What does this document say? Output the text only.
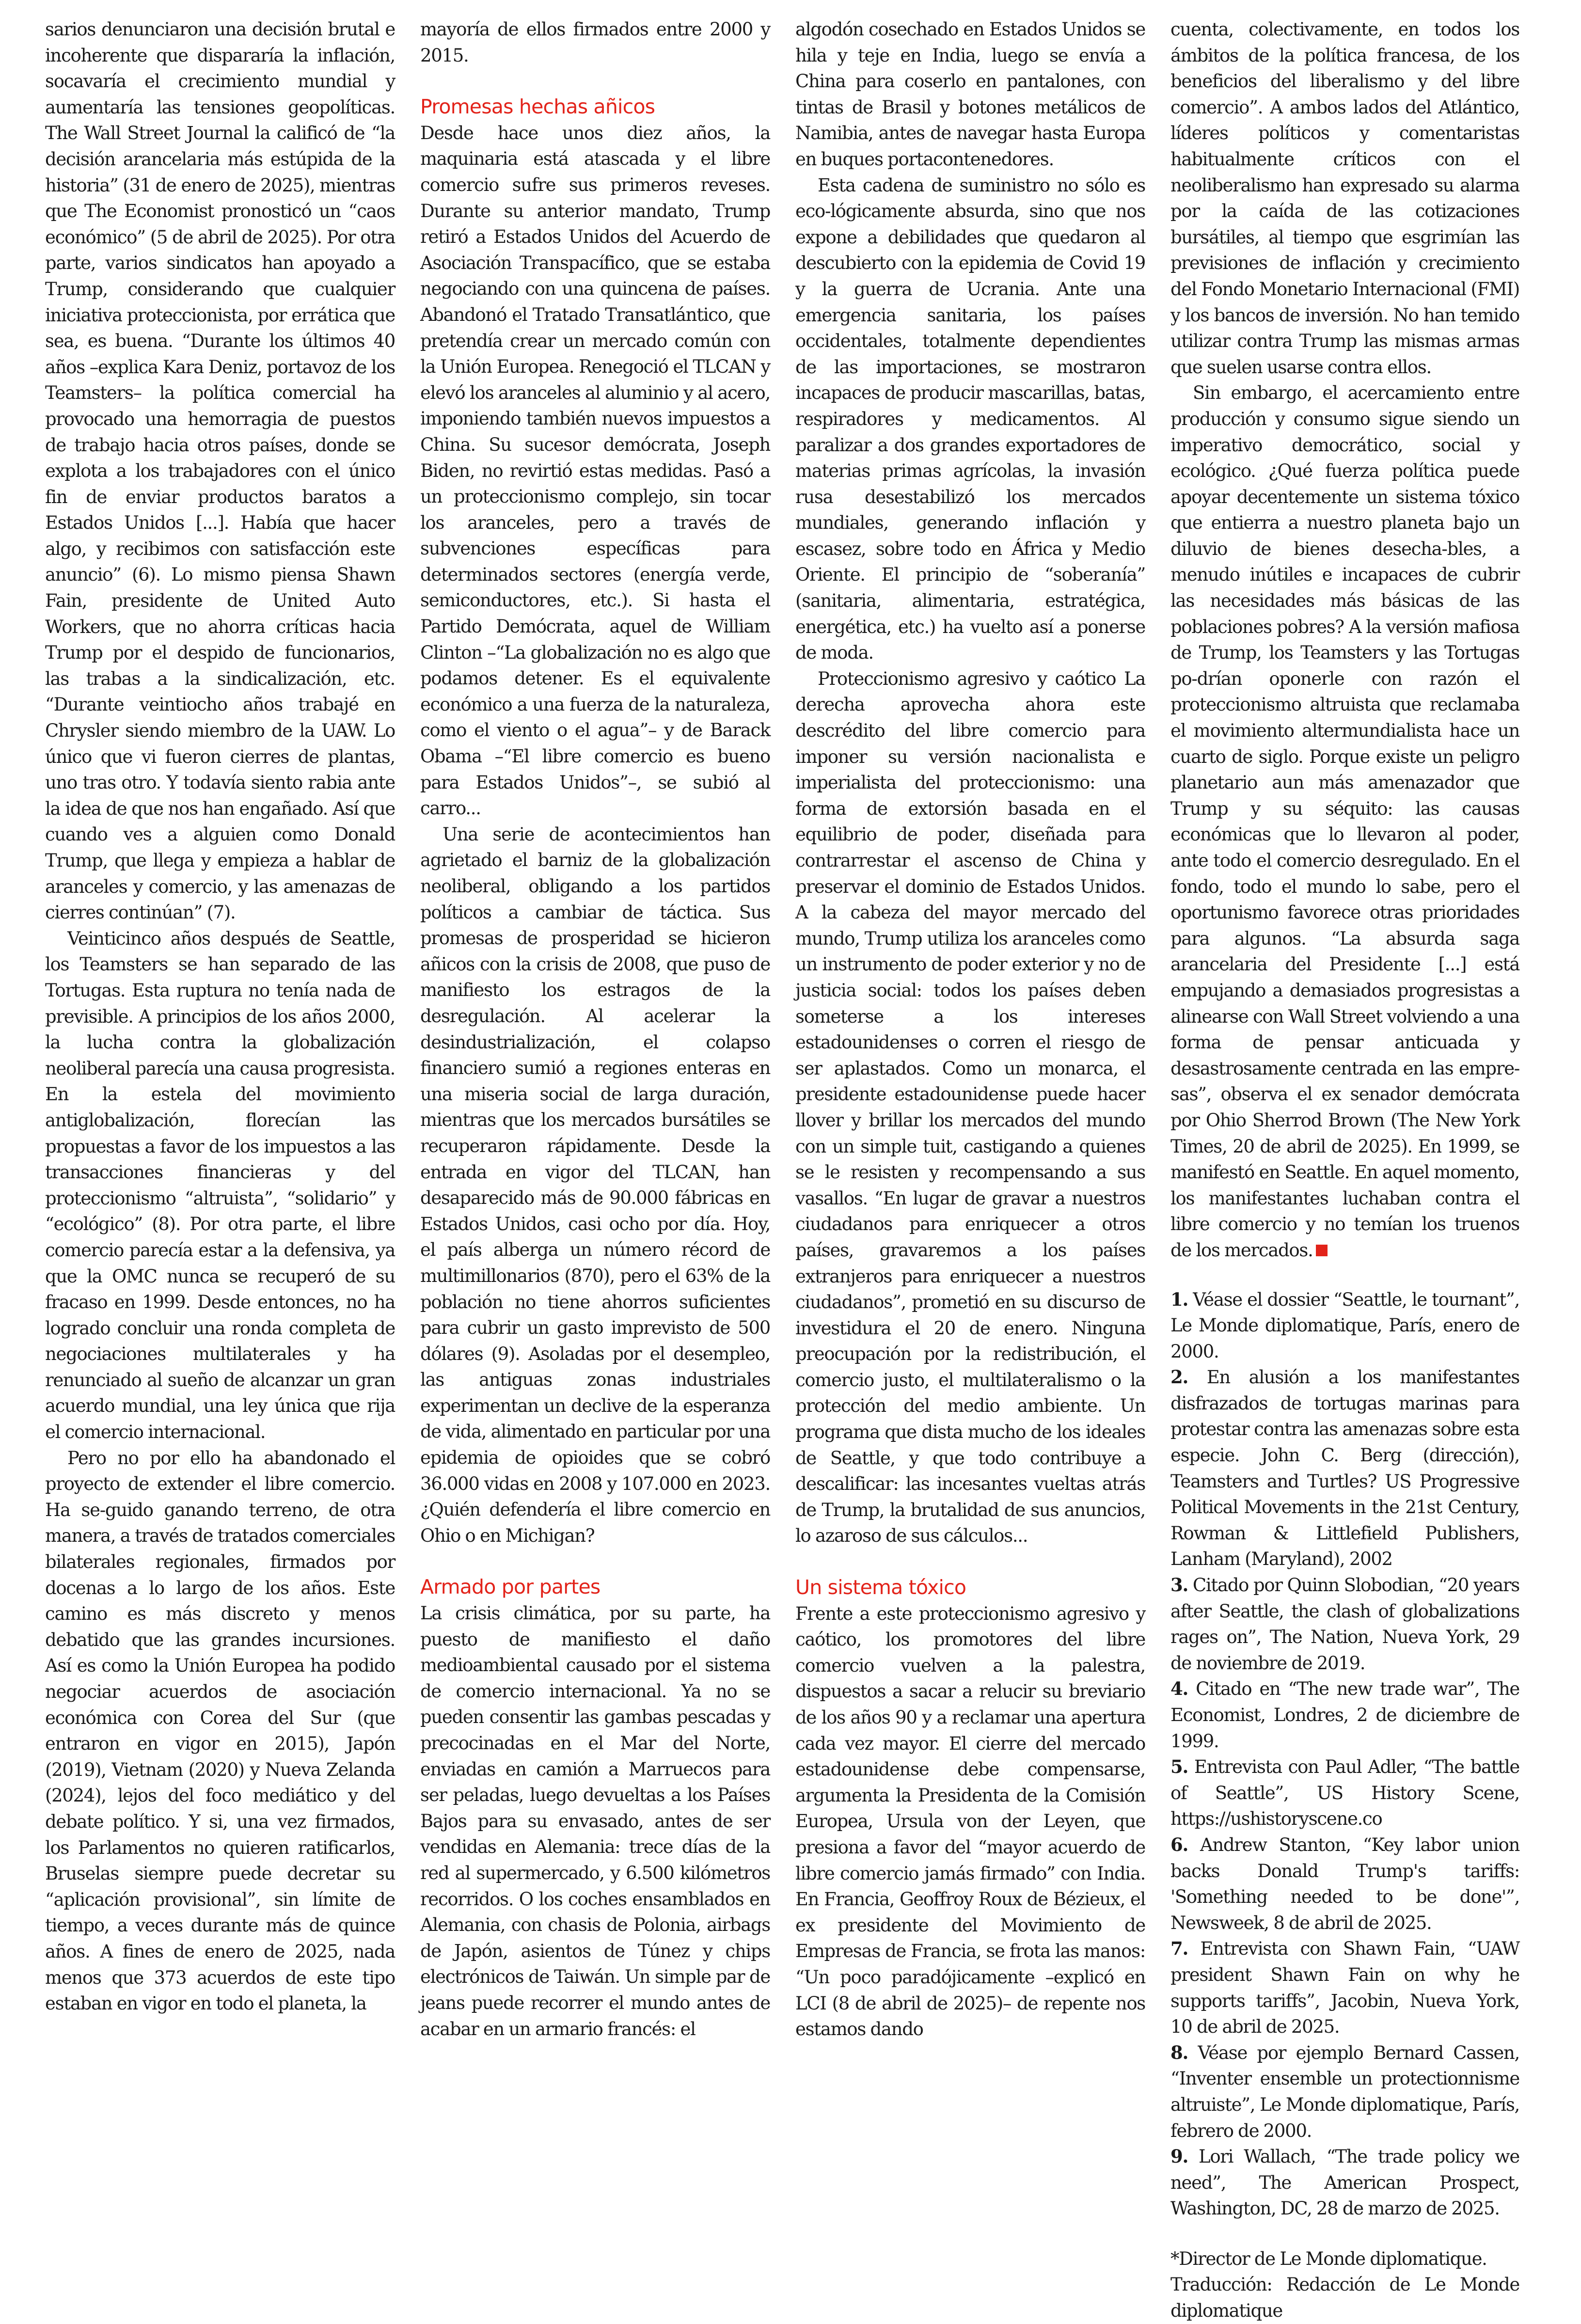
sarios denunciaron una decisión brutal e incoherente que dispararía la inflación, socavaría el crecimiento mundial y aumentaría las tensiones geopolíticas. The Wall Street Journal la calificó de “la decisión arancelaria más estúpida de la historia” (31 de enero de 2025), mientras que The Economist pronosticó un “caos económico” (5 de abril de 2025). Por otra parte, varios sindicatos han apoyado a Trump, considerando que cualquier iniciativa proteccionista, por errática que sea, es buena. “Durante los últimos 40 años –explica Kara Deniz, portavoz de los Teamsters– la política comercial ha provocado una hemorragia de puestos de trabajo hacia otros países, donde se explota a los trabajadores con el único fin de enviar productos baratos a Estados Unidos [...]. Había que hacer algo, y recibimos con satisfacción este anuncio” (6). Lo mismo piensa Shawn Fain, presidente de United Auto Workers, que no ahorra críticas hacia Trump por el despido de funcionarios, las trabas a la sindicalización, etc. “Durante veintiocho años trabajé en Chrysler siendo miembro de la UAW. Lo único que vi fueron cierres de plantas, uno tras otro. Y todavía siento rabia ante la idea de que nos han engañado. Así que cuando ves a alguien como Donald Trump, que llega y empieza a hablar de aranceles y comercio, y las amenazas de cierres continúan” (7).

Veinticinco años después de Seattle, los Teamsters se han separado de las Tortugas. Esta ruptura no tenía nada de previsible. A principios de los años 2000, la lucha contra la globalización neoliberal parecía una causa progresista. En la estela del movimiento antiglobalización, florecían las propuestas a favor de los impuestos a las transacciones financieras y del proteccionismo “altruista”, “solidario” y “ecológico” (8). Por otra parte, el libre comercio parecía estar a la defensiva, ya que la OMC nunca se recuperó de su fracaso en 1999. Desde entonces, no ha logrado concluir una ronda completa de negociaciones multilaterales y ha renunciado al sueño de alcanzar un gran acuerdo mundial, una ley única que rija el comercio internacional.

Pero no por ello ha abandonado el proyecto de extender el libre comercio. Ha se-guido ganando terreno, de otra manera, a través de tratados comerciales bilaterales regionales, firmados por docenas a lo largo de los años. Este camino es más discreto y menos debatido que las grandes incursiones. Así es como la Unión Europea ha podido negociar acuerdos de asociación económica con Corea del Sur (que entraron en vigor en 2015), Japón (2019), Vietnam (2020) y Nueva Zelanda (2024), lejos del foco mediático y del debate político. Y si, una vez firmados, los Parlamentos no quieren ratificarlos, Bruselas siempre puede decretar su “aplicación provisional”, sin límite de tiempo, a veces durante más de quince años. A fines de enero de 2025, nada menos que 373 acuerdos de este tipo estaban en vigor en todo el planeta, la

mayoría de ellos firmados entre 2000 y 2015.

Promesas hechas añicos

Desde hace unos diez años, la maquinaria está atascada y el libre comercio sufre sus primeros reveses. Durante su anterior mandato, Trump retiró a Estados Unidos del Acuerdo de Asociación Transpacífico, que se estaba negociando con una quincena de países. Abandonó el Tratado Transatlántico, que pretendía crear un mercado común con la Unión Europea. Renegoció el TLCAN y elevó los aranceles al aluminio y al acero, imponiendo también nuevos impuestos a China. Su sucesor demócrata, Joseph Biden, no revirtió estas medidas. Pasó a un proteccionismo complejo, sin tocar los aranceles, pero a través de subvenciones específicas para determinados sectores (energía verde, semiconductores, etc.). Si hasta el Partido Demócrata, aquel de William Clinton –“La globalización no es algo que podamos detener. Es el equivalente económico a una fuerza de la naturaleza, como el viento o el agua”– y de Barack Obama –“El libre comercio es bueno para Estados Unidos”–, se subió al carro...

Una serie de acontecimientos han agrietado el barniz de la globalización neoliberal, obligando a los partidos políticos a cambiar de táctica. Sus promesas de prosperidad se hicieron añicos con la crisis de 2008, que puso de manifiesto los estragos de la desregulación. Al acelerar la desindustrialización, el colapso financiero sumió a regiones enteras en una miseria social de larga duración, mientras que los mercados bursátiles se recuperaron rápidamente. Desde la entrada en vigor del TLCAN, han desaparecido más de 90.000 fábricas en Estados Unidos, casi ocho por día. Hoy, el país alberga un número récord de multimillonarios (870), pero el 63% de la población no tiene ahorros suficientes para cubrir un gasto imprevisto de 500 dólares (9). Asoladas por el desempleo, las antiguas zonas industriales experimentan un declive de la esperanza de vida, alimentado en particular por una epidemia de opioides que se cobró 36.000 vidas en 2008 y 107.000 en 2023. ¿Quién defendería el libre comercio en Ohio o en Michigan?

Armado por partes

La crisis climática, por su parte, ha puesto de manifiesto el daño medioambiental causado por el sistema de comercio internacional. Ya no se pueden consentir las gambas pescadas y precocinadas en el Mar del Norte, enviadas en camión a Marruecos para ser peladas, luego devueltas a los Países Bajos para su envasado, antes de ser vendidas en Alemania: trece días de la red al supermercado, y 6.500 kilómetros recorridos. O los coches ensamblados en Alemania, con chasis de Polonia, airbags de Japón, asientos de Túnez y chips electrónicos de Taiwán. Un simple par de jeans puede recorrer el mundo antes de acabar en un armario francés: el

algodón cosechado en Estados Unidos se hila y teje en India, luego se envía a China para coserlo en pantalones, con tintas de Brasil y botones metálicos de Namibia, antes de navegar hasta Europa en buques portacontenedores.

Esta cadena de suministro no sólo es eco-lógicamente absurda, sino que nos expone a debilidades que quedaron al descubierto con la epidemia de Covid 19 y la guerra de Ucrania. Ante una emergencia sanitaria, los países occidentales, totalmente dependientes de las importaciones, se mostraron incapaces de producir mascarillas, batas, respiradores y medicamentos. Al paralizar a dos grandes exportadores de materias primas agrícolas, la invasión rusa desestabilizó los mercados mundiales, generando inflación y escasez, sobre todo en África y Medio Oriente. El principio de “soberanía” (sanitaria, alimentaria, estratégica, energética, etc.) ha vuelto así a ponerse de moda.

Proteccionismo agresivo y caótico La derecha aprovecha ahora este descrédito del libre comercio para imponer su versión nacionalista e imperialista del proteccionismo: una forma de extorsión basada en el equilibrio de poder, diseñada para contrarrestar el ascenso de China y preservar el dominio de Estados Unidos. A la cabeza del mayor mercado del mundo, Trump utiliza los aranceles como un instrumento de poder exterior y no de justicia social: todos los países deben someterse a los intereses estadounidenses o corren el riesgo de ser aplastados. Como un monarca, el presidente estadounidense puede hacer llover y brillar los mercados del mundo con un simple tuit, castigando a quienes se le resisten y recompensando a sus vasallos. “En lugar de gravar a nuestros ciudadanos para enriquecer a otros países, gravaremos a los países extranjeros para enriquecer a nuestros ciudadanos”, prometió en su discurso de investidura el 20 de enero. Ninguna preocupación por la redistribución, el comercio justo, el multilateralismo o la protección del medio ambiente. Un programa que dista mucho de los ideales de Seattle, y que todo contribuye a descalificar: las incesantes vueltas atrás de Trump, la brutalidad de sus anuncios, lo azaroso de sus cálculos...

Un sistema tóxico

Frente a este proteccionismo agresivo y caótico, los promotores del libre comercio vuelven a la palestra, dispuestos a sacar a relucir su breviario de los años 90 y a reclamar una apertura cada vez mayor. El cierre del mercado estadounidense debe compensarse, argumenta la Presidenta de la Comisión Europea, Ursula von der Leyen, que presiona a favor del “mayor acuerdo de libre comercio jamás firmado” con India. En Francia, Geoffroy Roux de Bézieux, el ex presidente del Movimiento de Empresas de Francia, se frota las manos: “Un poco paradójicamente –explicó en LCI (8 de abril de 2025)– de repente nos estamos dando

cuenta, colectivamente, en todos los ámbitos de la política francesa, de los beneficios del liberalismo y del libre comercio”. A ambos lados del Atlántico, líderes políticos y comentaristas habitualmente críticos con el neoliberalismo han expresado su alarma por la caída de las cotizaciones bursátiles, al tiempo que esgrimían las previsiones de inflación y crecimiento del Fondo Monetario Internacional (FMI) y los bancos de inversión. No han temido utilizar contra Trump las mismas armas que suelen usarse contra ellos.

Sin embargo, el acercamiento entre producción y consumo sigue siendo un imperativo democrático, social y ecológico. ¿Qué fuerza política puede apoyar decentemente un sistema tóxico que entierra a nuestro planeta bajo un diluvio de bienes desecha-bles, a menudo inútiles e incapaces de cubrir las necesidades más básicas de las poblaciones pobres? A la versión mafiosa de Trump, los Teamsters y las Tortugas po-drían oponerle con razón el proteccionismo altruista que reclamaba el movimiento altermundialista hace un cuarto de siglo. Porque existe un peligro planetario aun más amenazador que Trump y su séquito: las causas económicas que lo llevaron al poder, ante todo el comercio desregulado. En el fondo, todo el mundo lo sabe, pero el oportunismo favorece otras prioridades para algunos. “La absurda saga arancelaria del Presidente [...] está empujando a demasiados progresistas a alinearse con Wall Street volviendo a una forma de pensar anticuada y desastrosamente centrada en las empre-sas”, observa el ex senador demócrata por Ohio Sherrod Brown (The New York Times, 20 de abril de 2025). En 1999, se manifestó en Seattle. En aquel momento, los manifestantes luchaban contra el libre comercio y no temían los truenos de los mercados.

1. Véase el dossier “Seattle, le tournant”, Le Monde diplomatique, París, enero de 2000.

2. En alusión a los manifestantes disfrazados de tortugas marinas para protestar contra las amenazas sobre esta especie. John C. Berg (dirección), Teamsters and Turtles? US Progressive Political Movements in the 21st Century, Rowman & Littlefield Publishers, Lanham (Maryland), 2002

3. Citado por Quinn Slobodian, “20 years after Seattle, the clash of globalizations rages on”, The Nation, Nueva York, 29 de noviembre de 2019.

4. Citado en “The new trade war”, The Economist, Londres, 2 de diciembre de 1999.

5. Entrevista con Paul Adler, “The battle of Seattle”, US History Scene, https://ushistoryscene.co

6. Andrew Stanton, “Key labor union backs Donald Trump's tariffs: 'Something needed to be done'”, Newsweek, 8 de abril de 2025.

7. Entrevista con Shawn Fain, “UAW president Shawn Fain on why he supports tariffs”, Jacobin, Nueva York, 10 de abril de 2025.

8. Véase por ejemplo Bernard Cassen, “Inventer ensemble un protectionnisme altruiste”, Le Monde diplomatique, París, febrero de 2000.

9. Lori Wallach, “The trade policy we need”, The American Prospect, Washington, DC, 28 de marzo de 2025.

*Director de Le Monde diplomatique.

Traducción: Redacción de Le Monde diplomatique
